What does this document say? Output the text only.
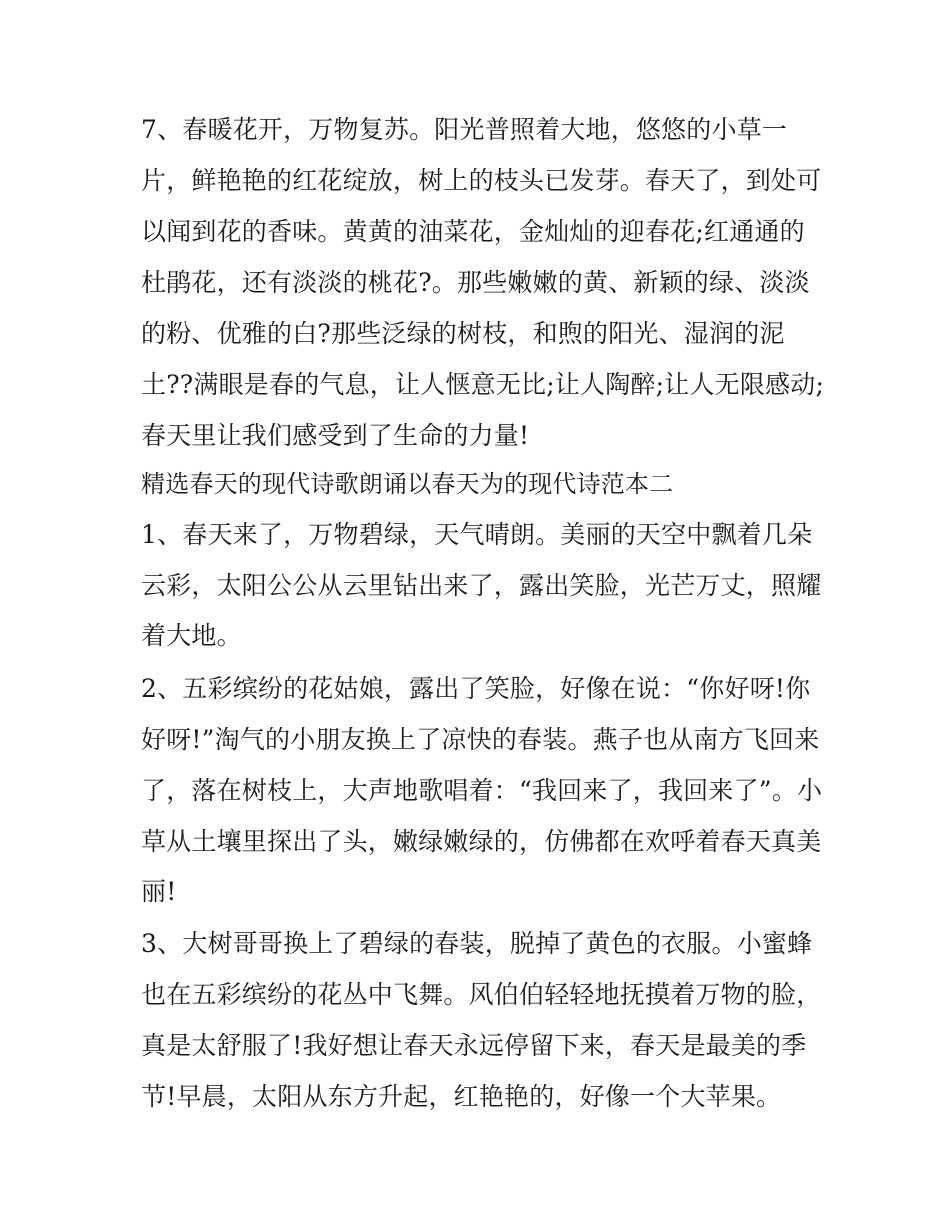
7、春暖花开，万物复苏。阳光普照着大地，悠悠的小草一
片，鲜艳艳的红花绽放，树上的枝头已发芽。春天了，到处可
以闻到花的香味。黄黄的油菜花，金灿灿的迎春花;红通通的
杜鹃花，还有淡淡的桃花?。那些嫩嫩的黄、新颖的绿、淡淡
的粉、优雅的白?那些泛绿的树枝，和煦的阳光、湿润的泥
土??满眼是春的气息，让人惬意无比;让人陶醉;让人无限感动;
春天里让我们感受到了生命的力量!
精选春天的现代诗歌朗诵以春天为的现代诗范本二
1、春天来了，万物碧绿，天气晴朗。美丽的天空中飘着几朵
云彩，太阳公公从云里钻出来了，露出笑脸，光芒万丈，照耀
着大地。
2、五彩缤纷的花姑娘，露出了笑脸，好像在说：“你好呀!你
好呀!”淘气的小朋友换上了凉快的春装。燕子也从南方飞回来
了，落在树枝上，大声地歌唱着：“我回来了，我回来了”。小
草从土壤里探出了头，嫩绿嫩绿的，仿佛都在欢呼着春天真美
丽!
3、大树哥哥换上了碧绿的春装，脱掉了黄色的衣服。小蜜蜂
也在五彩缤纷的花丛中飞舞。风伯伯轻轻地抚摸着万物的脸，
真是太舒服了!我好想让春天永远停留下来，春天是最美的季
节!早晨，太阳从东方升起，红艳艳的，好像一个大苹果。
